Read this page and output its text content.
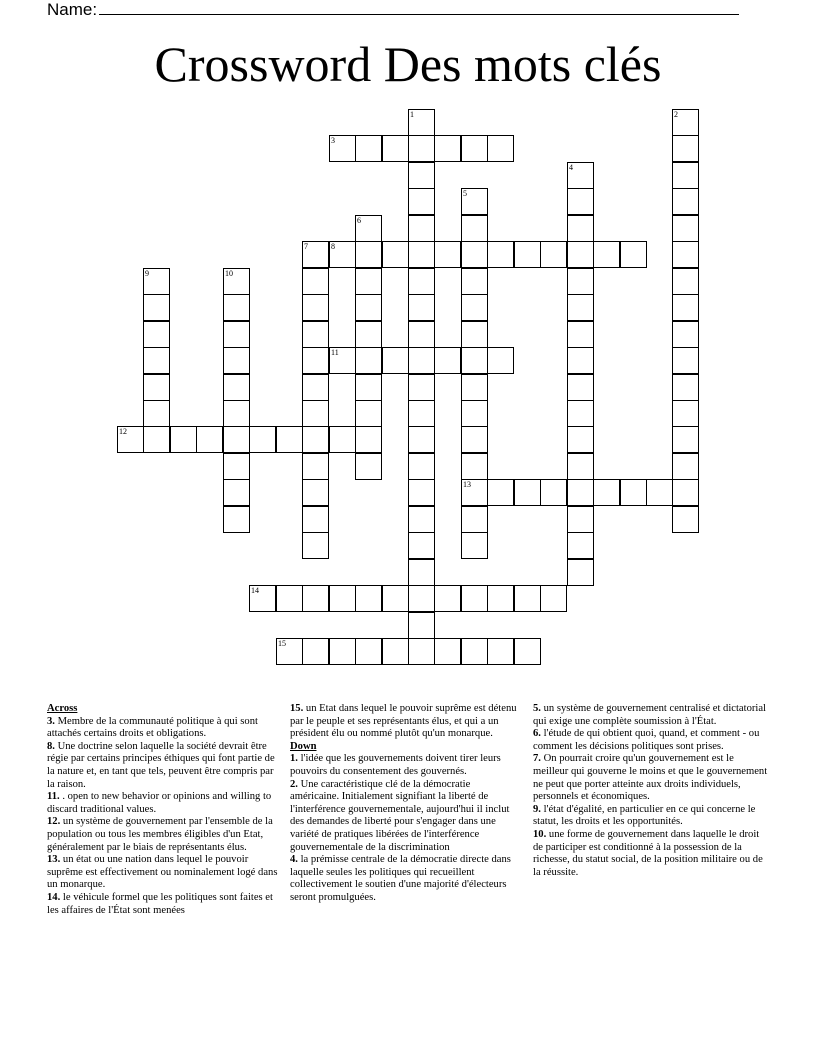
Name:
Crossword Des mots clés
1	2
3
4
5
13
6
7	8
9	10
11
12
14
15
Across
3. Membre de la communauté politique à qui sont attachés certains droits et obligations.
8. Une doctrine selon laquelle la société devrait être régie par certains principes éthiques qui font partie de la nature et, en tant que tels, peuvent être compris par la raison.
11. . open to new behavior or opinions and willing to discard traditional values.
12. un système de gouvernement par l'ensemble de la population ou tous les membres éligibles d'un Etat, généralement par le biais de représentants élus.
13. un état ou une nation dans lequel le pouvoir suprême est effectivement ou nominalement logé dans un monarque.
14. le véhicule formel que les politiques sont faites et les affaires de l'État sont menées
15. un Etat dans lequel le pouvoir suprême est détenu par le peuple et ses représentants élus, et qui a un président élu ou nommé plutôt qu'un monarque.
Down
1. l'idée que les gouvernements doivent tirer leurs pouvoirs du consentement des gouvernés.
2. Une caractéristique clé de la démocratie américaine. Initialement signifiant la liberté de l'interférence gouvernementale, aujourd'hui il inclut des demandes de liberté pour s'engager dans une variété de pratiques libérées de l'interférence gouvernementale de la discrimination
4. la prémisse centrale de la démocratie directe dans laquelle seules les politiques qui recueillent collectivement le soutien d'une majorité d'électeurs seront promulguées.
5. un système de gouvernement centralisé et dictatorial qui exige une complète soumission à l'État.
6. l'étude de qui obtient quoi, quand, et comment - ou comment les décisions politiques sont prises.
7. On pourrait croire qu'un gouvernement est le meilleur qui gouverne le moins et que le gouvernement ne peut que porter atteinte aux droits individuels, personnels et économiques.
9. l'état d'égalité, en particulier en ce qui concerne le statut, les droits et les opportunités.
10. une forme de gouvernement dans laquelle le droit de participer est conditionné à la possession de la richesse, du statut social, de la position militaire ou de la réussite.
